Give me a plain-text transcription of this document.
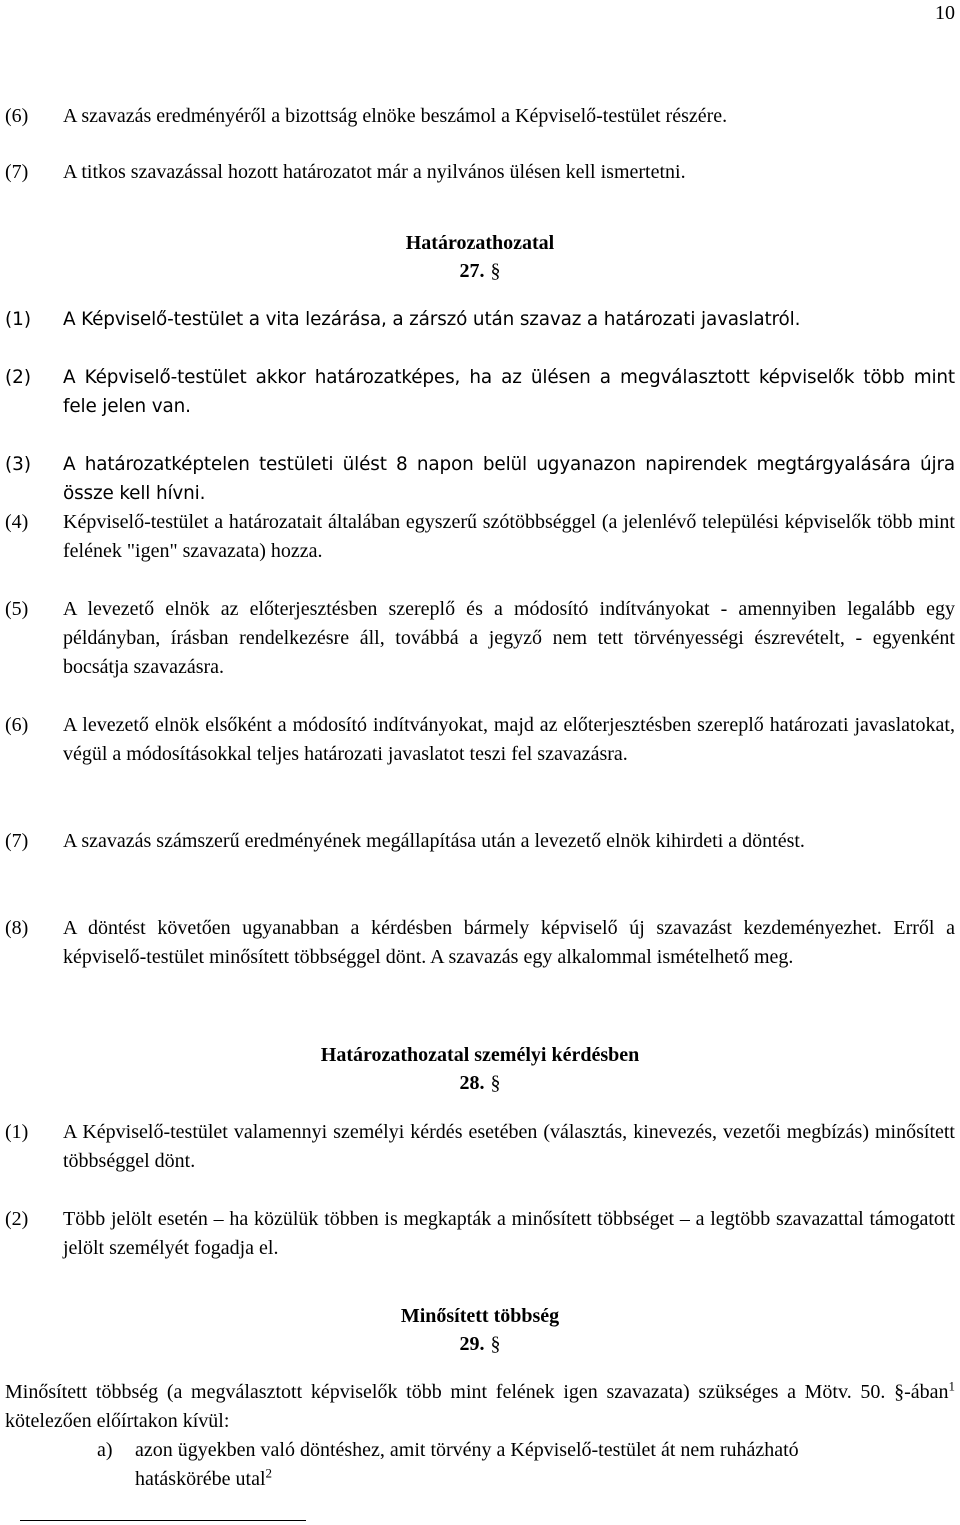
10
(6) A szavazás eredményéről a bizottság elnöke beszámol a Képviselő-testület részére.
(7) A titkos szavazással hozott határozatot már a nyilvános ülésen kell ismertetni.
Határozathozatal
27. §
(1) A Képviselő-testület a vita lezárása, a zárszó után szavaz a határozati javaslatról.
(2) A Képviselő-testület akkor határozatképes, ha az ülésen a megválasztott képviselők több mint fele jelen van.
(3) A határozatképtelen testületi ülést 8 napon belül ugyanazon napirendek megtárgyalására újra össze kell hívni.
(4) Képviselő-testület a határozatait általában egyszerű szótöbbséggel (a jelenlévő települési képviselők több mint felének "igen" szavazata) hozza.
(5) A levezető elnök az előterjesztésben szereplő és a módosító indítványokat - amennyiben legalább egy példányban, írásban rendelkezésre áll, továbbá a jegyző nem tett törvényességi észrevételt, - egyenként bocsátja szavazásra.
(6) A levezető elnök elsőként a módosító indítványokat, majd az előterjesztésben szereplő határozati javaslatokat, végül a módosításokkal teljes határozati javaslatot teszi fel szavazásra.
(7) A szavazás számszerű eredményének megállapítása után a levezető elnök kihirdeti a döntést.
(8) A döntést követően ugyanabban a kérdésben bármely képviselő új szavazást kezdeményezhet. Erről a képviselő-testület minősített többséggel dönt. A szavazás egy alkalommal ismételhető meg.
Határozathozatal személyi kérdésben
28. §
(1) A Képviselő-testület valamennyi személyi kérdés esetében (választás, kinevezés, vezetői megbízás) minősített többséggel dönt.
(2) Több jelölt esetén – ha közülük többen is megkapták a minősített többséget – a legtöbb szavazattal támogatott jelölt személyét fogadja el.
Minősített többség
29. §
Minősített többség (a megválasztott képviselők több mint felének igen szavazata) szükséges a Mötv. 50. §-ában$^1$ kötelezően előírtakon kívül:
a) azon ügyekben való döntéshez, amit törvény a Képviselő-testület át nem ruházható hatáskörébe utal$^2$
